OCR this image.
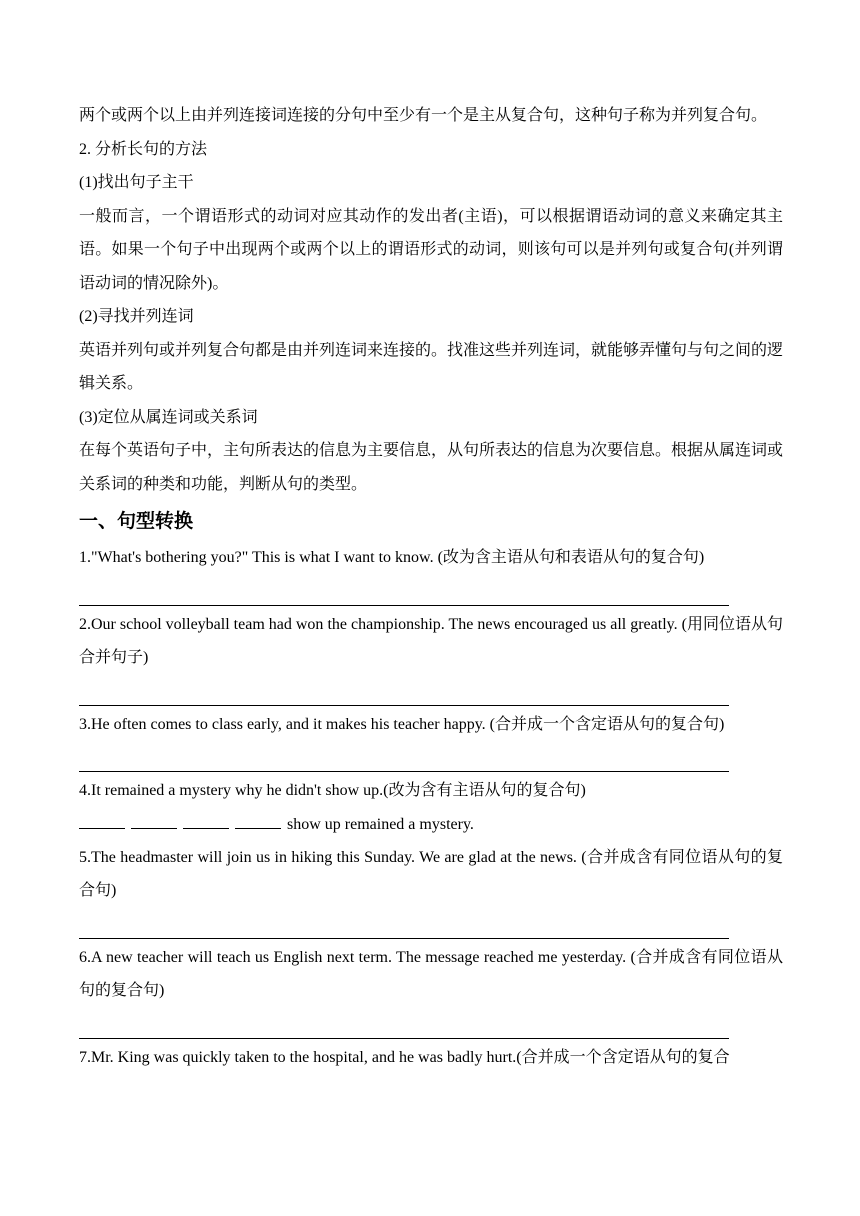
两个或两个以上由并列连接词连接的分句中至少有一个是主从复合句，这种句子称为并列复合句。

2. 分析长句的方法

(1)找出句子主干

一般而言，一个谓语形式的动词对应其动作的发出者(主语)，可以根据谓语动词的意义来确定其主语。如果一个句子中出现两个或两个以上的谓语形式的动词，则该句可以是并列句或复合句(并列谓语动词的情况除外)。

(2)寻找并列连词

英语并列句或并列复合句都是由并列连词来连接的。找准这些并列连词，就能够弄懂句与句之间的逻辑关系。

(3)定位从属连词或关系词

在每个英语句子中，主句所表达的信息为主要信息，从句所表达的信息为次要信息。根据从属连词或关系词的种类和功能，判断从句的类型。

一、句型转换

1."What's bothering you?" This is what I want to know. (改为含主语从句和表语从句的复合句)

2.Our school volleyball team had won the championship. The news encouraged us all greatly. (用同位语从句合并句子)

3.He often comes to class early, and it makes his teacher happy. (合并成一个含定语从句的复合句)

4.It remained a mystery why he didn't show up.(改为含有主语从句的复合句)

show up remained a mystery.

5.The headmaster will join us in hiking this Sunday. We are glad at the news. (合并成含有同位语从句的复合句)

6.A new teacher will teach us English next term. The message reached me yesterday. (合并成含有同位语从句的复合句)

7.Mr. King was quickly taken to the hospital, and he was badly hurt.(合并成一个含定语从句的复合
